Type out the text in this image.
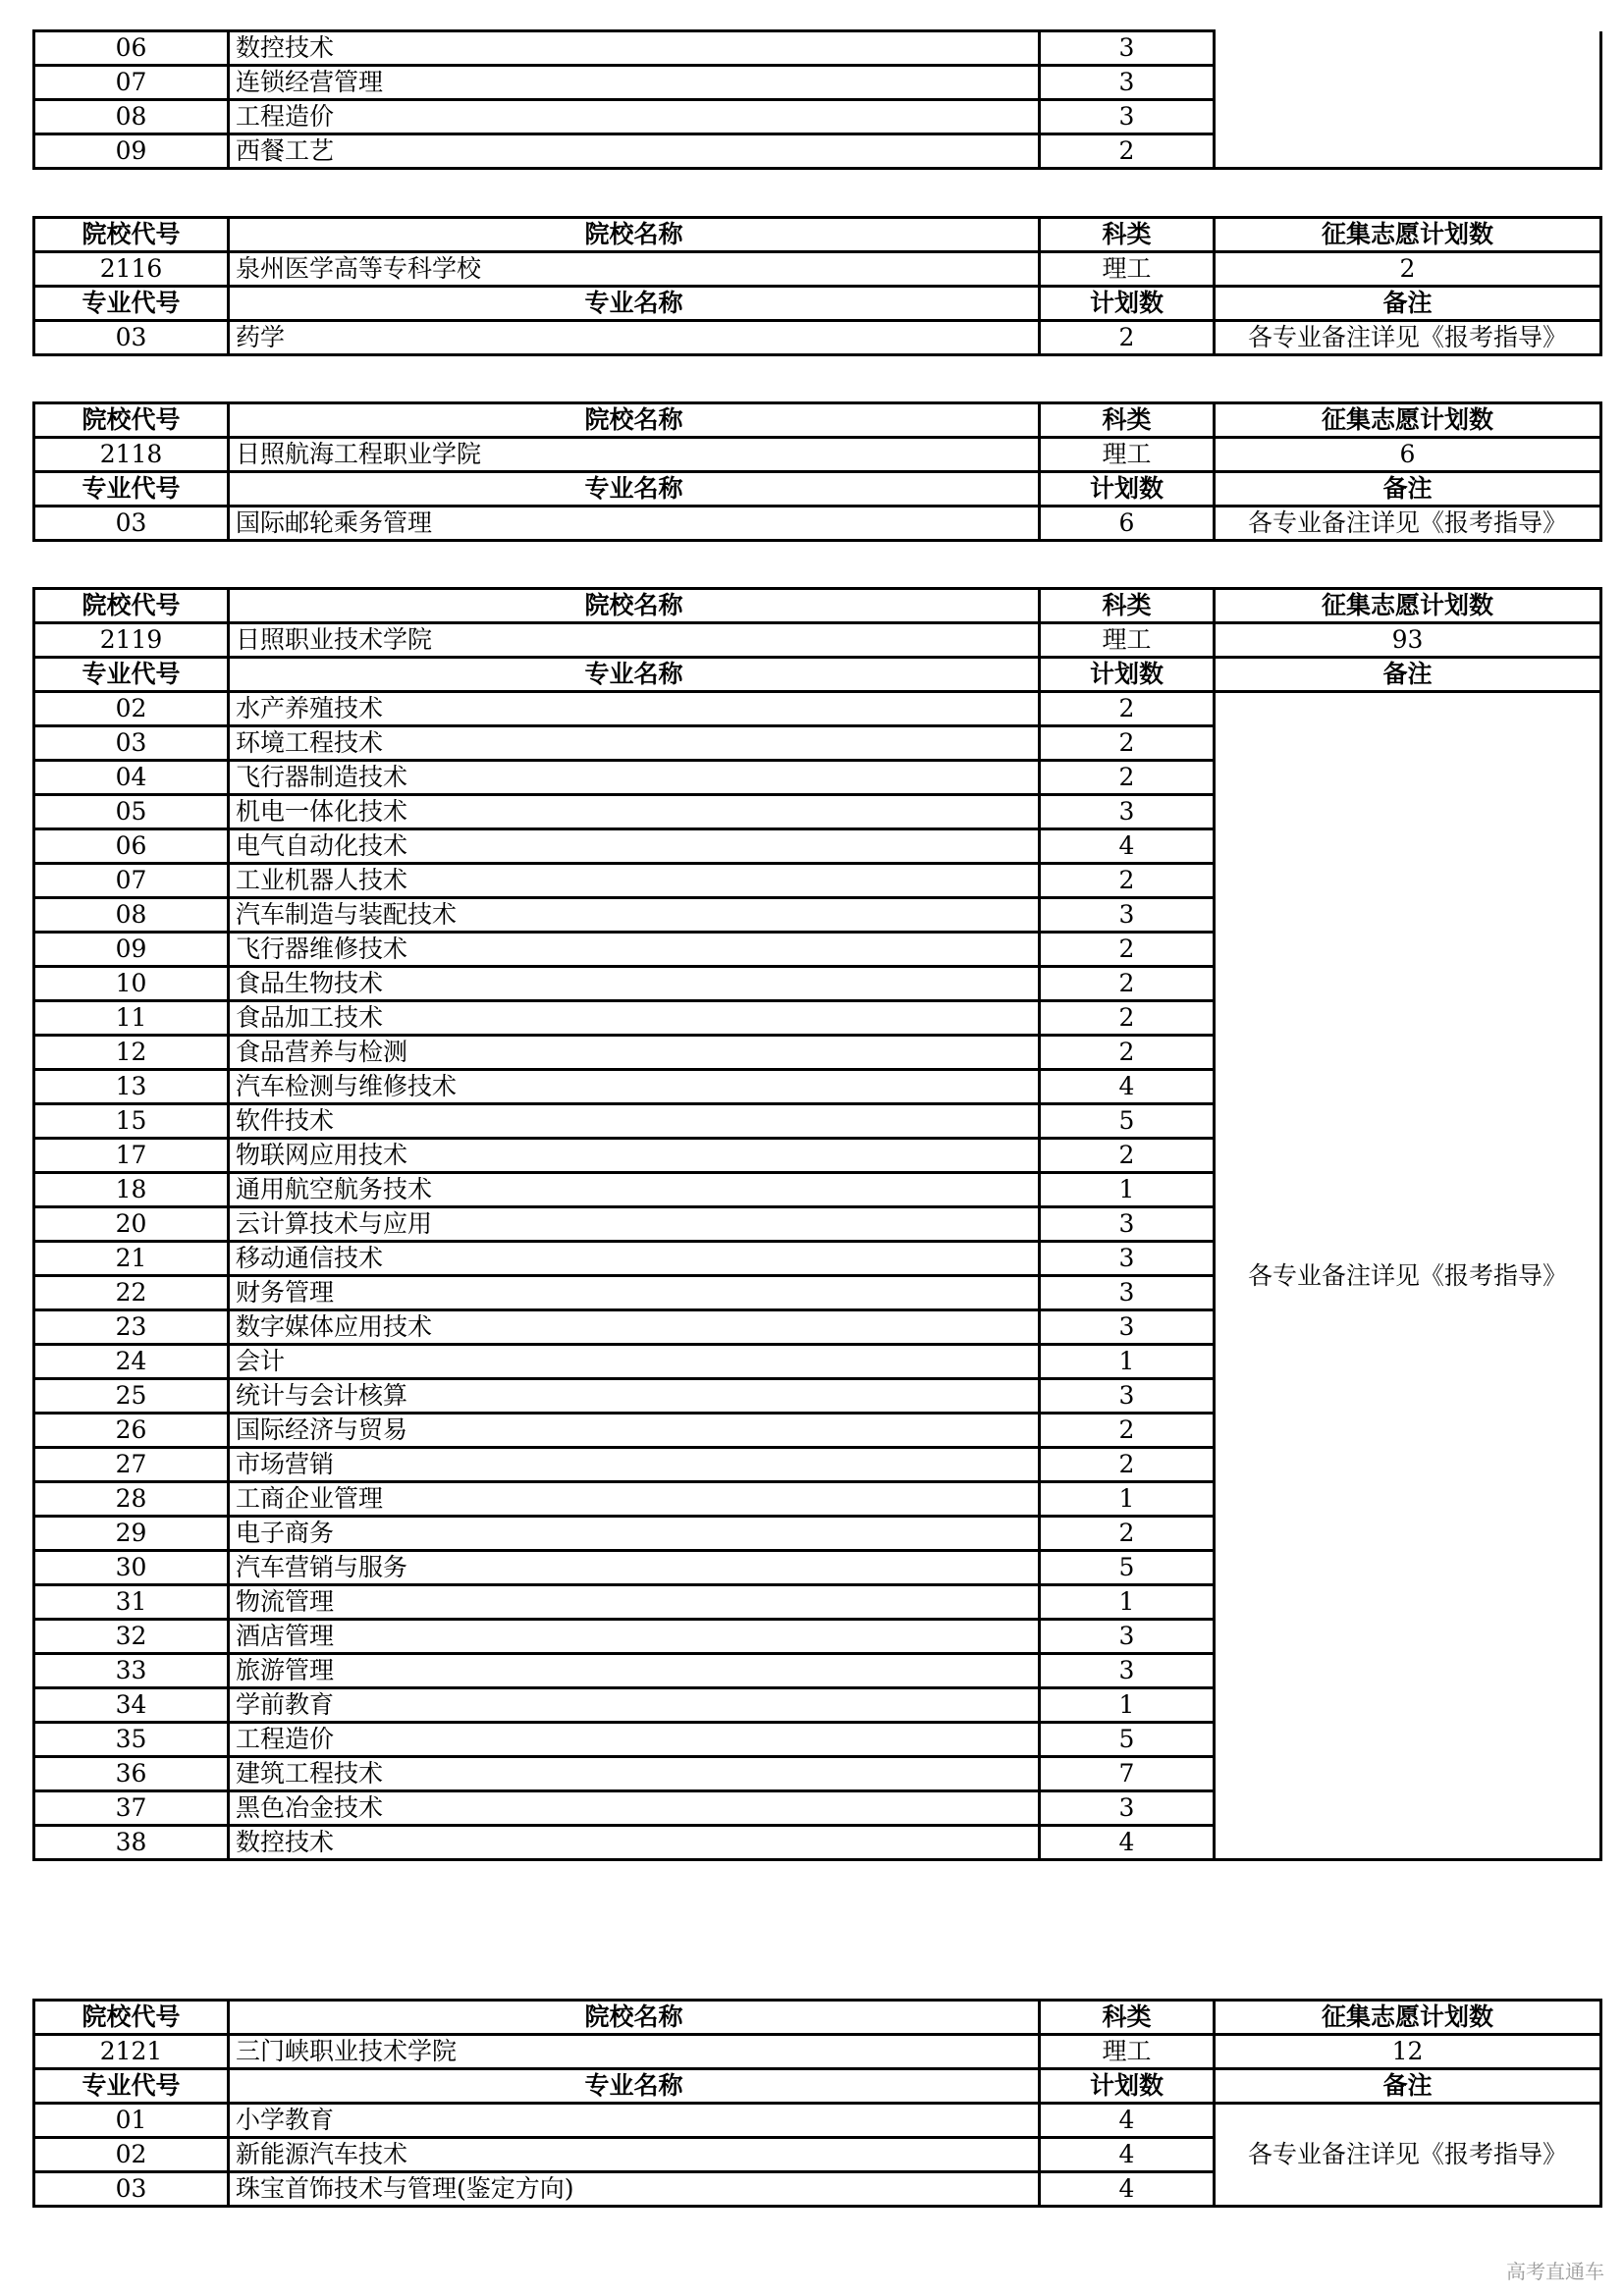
06	数控技术	3	
07	连锁经营管理	3	
08	工程造价	3	
09	西餐工艺	2	
院校代号	院校名称	科类	征集志愿计划数
2116	泉州医学高等专科学校	理工	2
专业代号	专业名称	计划数	备注
03	药学	2	各专业备注详见《报考指导》
院校代号	院校名称	科类	征集志愿计划数
2118	日照航海工程职业学院	理工	6
专业代号	专业名称	计划数	备注
03	国际邮轮乘务管理	6	各专业备注详见《报考指导》
院校代号	院校名称	科类	征集志愿计划数
2119	日照职业技术学院	理工	93
专业代号	专业名称	计划数	备注
02	水产养殖技术	2	各专业备注详见《报考指导》
03	环境工程技术	2	
04	飞行器制造技术	2	
05	机电一体化技术	3	
06	电气自动化技术	4	
07	工业机器人技术	2	
08	汽车制造与装配技术	3	
09	飞行器维修技术	2	
10	食品生物技术	2	
11	食品加工技术	2	
12	食品营养与检测	2	
13	汽车检测与维修技术	4	
15	软件技术	5	
17	物联网应用技术	2	
18	通用航空航务技术	1	
20	云计算技术与应用	3	
21	移动通信技术	3	
22	财务管理	3	
23	数字媒体应用技术	3	
24	会计	1	
25	统计与会计核算	3	
26	国际经济与贸易	2	
27	市场营销	2	
28	工商企业管理	1	
29	电子商务	2	
30	汽车营销与服务	5	
31	物流管理	1	
32	酒店管理	3	
33	旅游管理	3	
34	学前教育	1	
35	工程造价	5	
36	建筑工程技术	7	
37	黑色冶金技术	3	
38	数控技术	4	
院校代号	院校名称	科类	征集志愿计划数
2121	三门峡职业技术学院	理工	12
专业代号	专业名称	计划数	备注
01	小学教育	4	各专业备注详见《报考指导》
02	新能源汽车技术	4	
03	珠宝首饰技术与管理(鉴定方向)	4	
高考直通车
